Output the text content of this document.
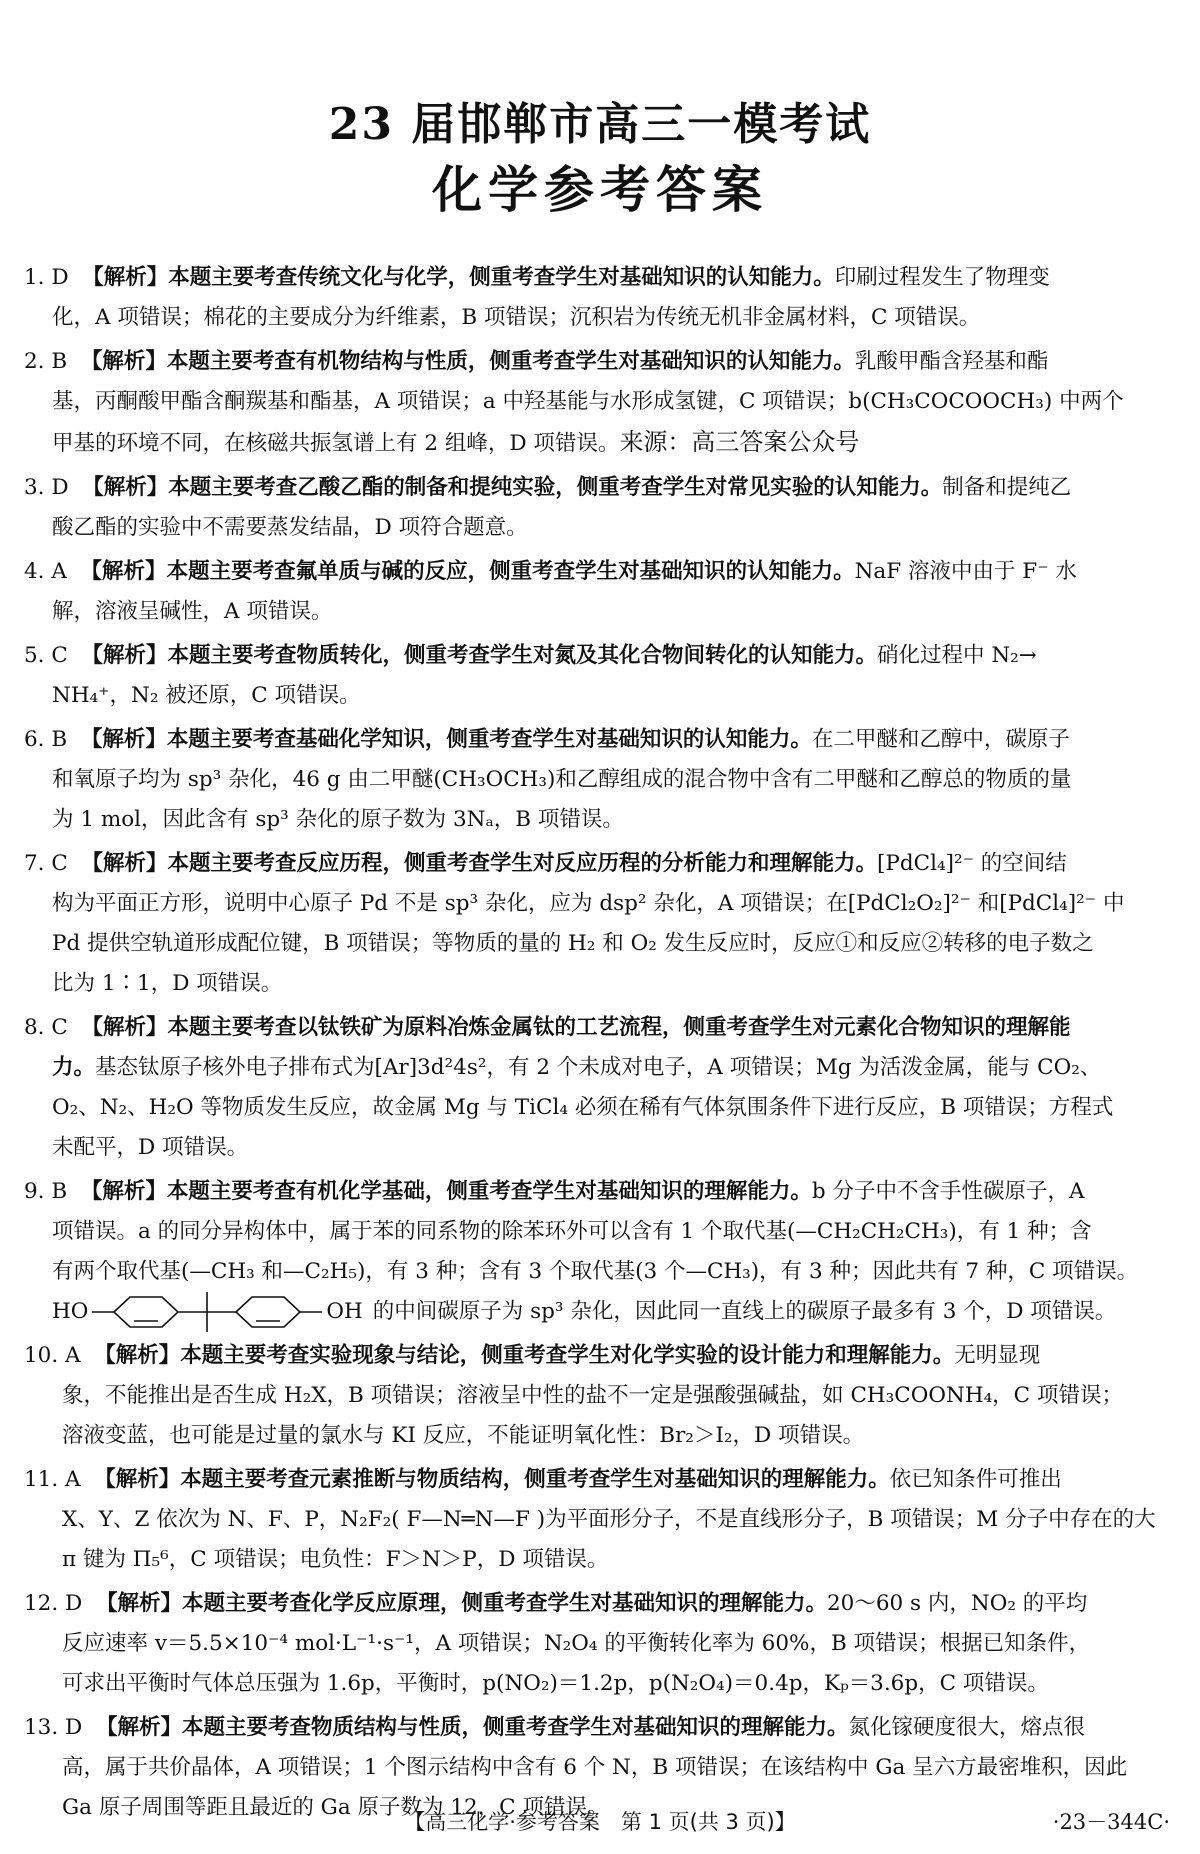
23 届邯郸市高三一模考试
化学参考答案
1. D 【解析】本题主要考查传统文化与化学，侧重考查学生对基础知识的认知能力。印刷过程发生了物理变
化，A 项错误；棉花的主要成分为纤维素，B 项错误；沉积岩为传统无机非金属材料，C 项错误。
2. B 【解析】本题主要考查有机物结构与性质，侧重考查学生对基础知识的认知能力。乳酸甲酯含羟基和酯
基，丙酮酸甲酯含酮羰基和酯基，A 项错误；a 中羟基能与水形成氢键，C 项错误；b(CH₃COCOOCH₃) 中两个
甲基的环境不同，在核磁共振氢谱上有 2 组峰，D 项错误。来源：高三答案公众号
3. D 【解析】本题主要考查乙酸乙酯的制备和提纯实验，侧重考查学生对常见实验的认知能力。制备和提纯乙
酸乙酯的实验中不需要蒸发结晶，D 项符合题意。
4. A 【解析】本题主要考查氟单质与碱的反应，侧重考查学生对基础知识的认知能力。NaF 溶液中由于 F⁻ 水
解，溶液呈碱性，A 项错误。
5. C 【解析】本题主要考查物质转化，侧重考查学生对氮及其化合物间转化的认知能力。硝化过程中 N₂→
NH₄⁺，N₂ 被还原，C 项错误。
6. B 【解析】本题主要考查基础化学知识，侧重考查学生对基础知识的认知能力。在二甲醚和乙醇中，碳原子
和氧原子均为 sp³ 杂化，46 g 由二甲醚(CH₃OCH₃)和乙醇组成的混合物中含有二甲醚和乙醇总的物质的量
为 1 mol，因此含有 sp³ 杂化的原子数为 3Nₐ，B 项错误。
7. C 【解析】本题主要考查反应历程，侧重考查学生对反应历程的分析能力和理解能力。[PdCl₄]²⁻ 的空间结
构为平面正方形，说明中心原子 Pd 不是 sp³ 杂化，应为 dsp² 杂化，A 项错误；在[PdCl₂O₂]²⁻ 和[PdCl₄]²⁻ 中
Pd 提供空轨道形成配位键，B 项错误；等物质的量的 H₂ 和 O₂ 发生反应时，反应①和反应②转移的电子数之
比为 1∶1，D 项错误。
8. C 【解析】本题主要考查以钛铁矿为原料冶炼金属钛的工艺流程，侧重考查学生对元素化合物知识的理解能
力。基态钛原子核外电子排布式为[Ar]3d²4s²，有 2 个未成对电子，A 项错误；Mg 为活泼金属，能与 CO₂、
O₂、N₂、H₂O 等物质发生反应，故金属 Mg 与 TiCl₄ 必须在稀有气体氛围条件下进行反应，B 项错误；方程式
未配平，D 项错误。
9. B 【解析】本题主要考查有机化学基础，侧重考查学生对基础知识的理解能力。b 分子中不含手性碳原子，A
项错误。a 的同分异构体中，属于苯的同系物的除苯环外可以含有 1 个取代基(—CH₂CH₂CH₃)，有 1 种；含
有两个取代基(—CH₃ 和—C₂H₅)，有 3 种；含有 3 个取代基(3 个—CH₃)，有 3 种；因此共有 7 种，C 项错误。
HO	OH 的中间碳原子为 sp³ 杂化，因此同一直线上的碳原子最多有 3 个，D 项错误。
10. A 【解析】本题主要考查实验现象与结论，侧重考查学生对化学实验的设计能力和理解能力。无明显现
象，不能推出是否生成 H₂X，B 项错误；溶液呈中性的盐不一定是强酸强碱盐，如 CH₃COONH₄，C 项错误；
溶液变蓝，也可能是过量的氯水与 KI 反应，不能证明氧化性：Br₂＞I₂，D 项错误。
11. A 【解析】本题主要考查元素推断与物质结构，侧重考查学生对基础知识的理解能力。依已知条件可推出
X、Y、Z 依次为 N、F、P，N₂F₂( F—N═N—F )为平面形分子，不是直线形分子，B 项错误；M 分子中存在的大
π 键为 Π₅⁶，C 项错误；电负性：F＞N＞P，D 项错误。
12. D 【解析】本题主要考查化学反应原理，侧重考查学生对基础知识的理解能力。20～60 s 内，NO₂ 的平均
反应速率 v＝5.5×10⁻⁴ mol·L⁻¹·s⁻¹，A 项错误；N₂O₄ 的平衡转化率为 60%，B 项错误；根据已知条件，
可求出平衡时气体总压强为 1.6p，平衡时，p(NO₂)＝1.2p，p(N₂O₄)＝0.4p，Kₚ＝3.6p，C 项错误。
13. D 【解析】本题主要考查物质结构与性质，侧重考查学生对基础知识的理解能力。氮化镓硬度很大，熔点很
高，属于共价晶体，A 项错误；1 个图示结构中含有 6 个 N，B 项错误；在该结构中 Ga 呈六方最密堆积，因此
Ga 原子周围等距且最近的 Ga 原子数为 12，C 项错误。
【高三化学·参考答案　第 1 页(共 3 页)】	·23－344C·
